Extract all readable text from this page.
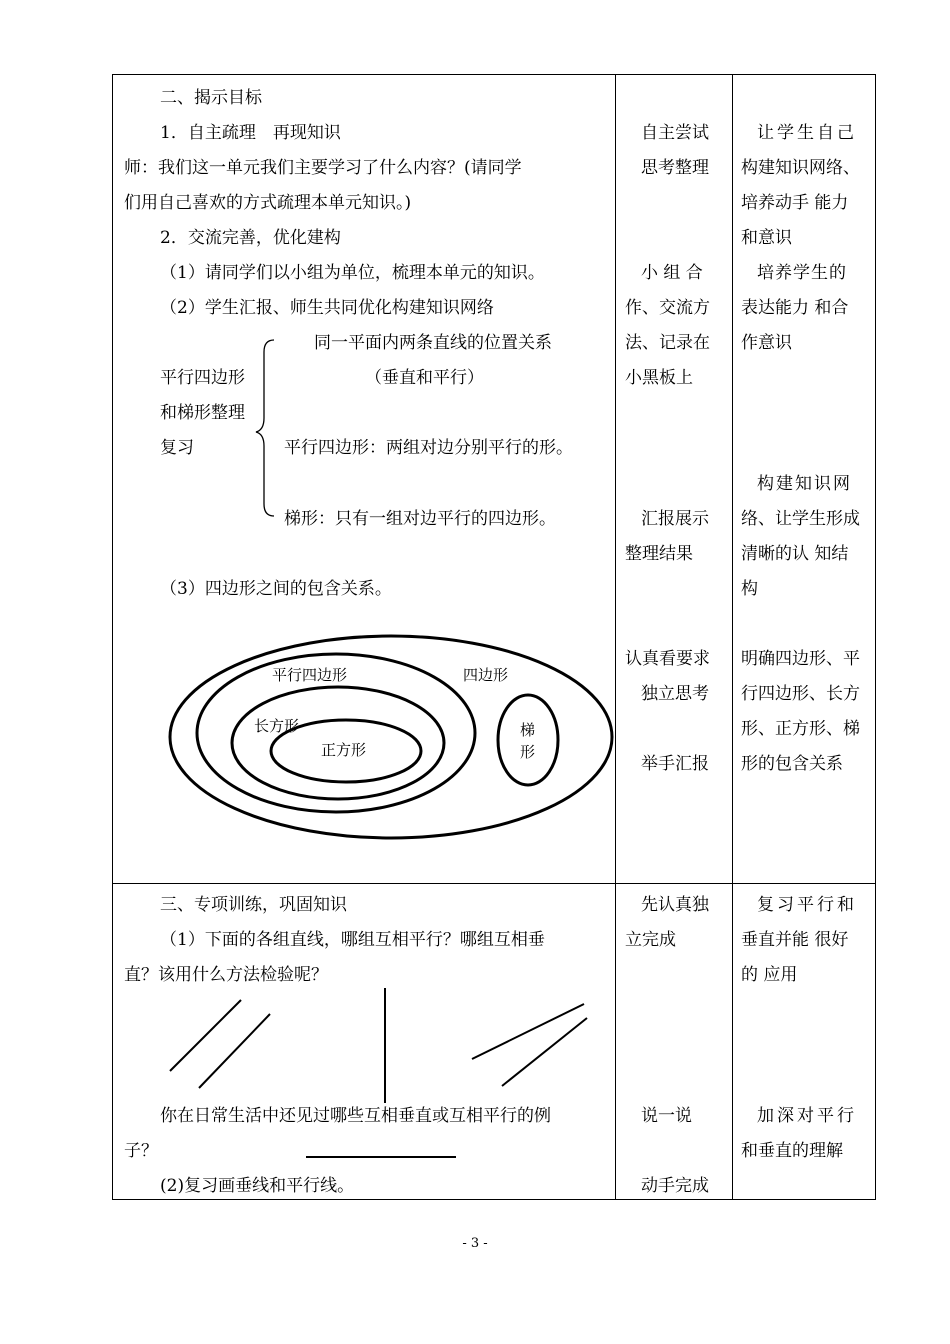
二、揭示目标
1．自主疏理　再现知识
师：我们这一单元我们主要学习了什么内容？(请同学
们用自己喜欢的方式疏理本单元知识。)
2．交流完善，优化建构
（1）请同学们以小组为单位，梳理本单元的知识。
（2）学生汇报、师生共同优化构建知识网络
平行四边形
和梯形整理
复习
同一平面内两条直线的位置关系
（垂直和平行）
平行四边形：两组对边分别平行的形。
梯形：只有一组对边平行的四边形。
（3）四边形之间的包含关系。
平行四边形	四边形
长方形
正方形
梯
形
自主尝试
思考整理
小 组 合
作、交流方
法、记录在
小黑板上
汇报展示
整理结果
认真看要求
独立思考
举手汇报
让学生自己
构建知识网络、
培养动手 能力
和意识
培养学生的
表达能力 和合
作意识
构建知识网
络、让学生形成
清晰的认 知结
构
明确四边形、平
行四边形、长方
形、正方形、梯
形的包含关系
三、专项训练，巩固知识
（1）下面的各组直线，哪组互相平行？哪组互相垂
直？该用什么方法检验呢？
你在日常生活中还见过哪些互相垂直或互相平行的例
子？
(2)复习画垂线和平行线。
先认真独
立完成
说一说
动手完成
复习平行和
垂直并能 很好
的 应用
加深对平行
和垂直的理解
- 3 -
